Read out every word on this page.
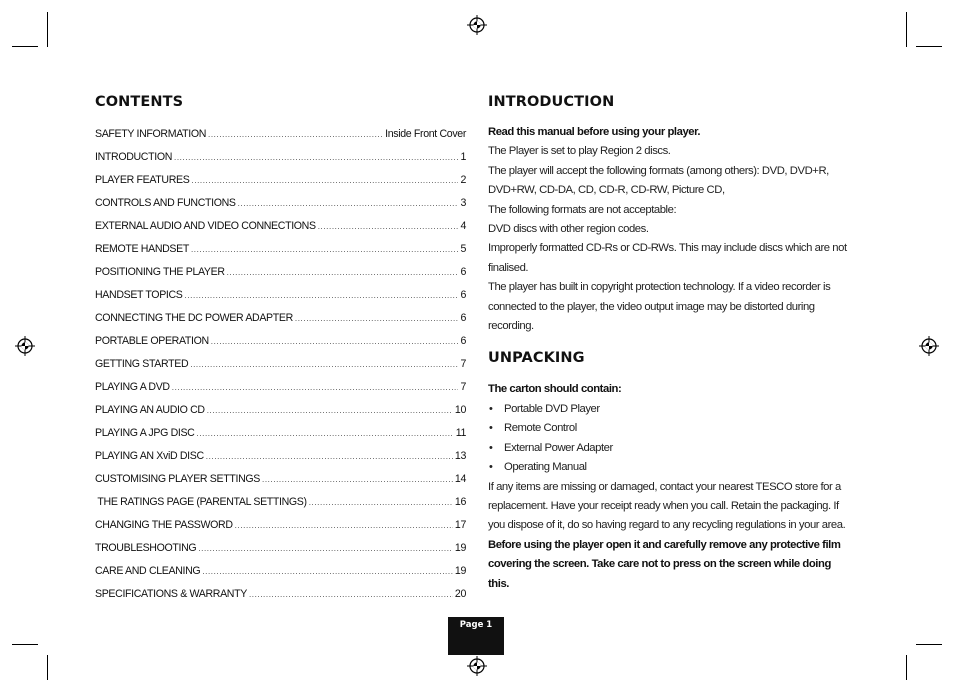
CONTENTS
SAFETY INFORMATION .....	Inside Front Cover
INTRODUCTION .....	1
PLAYER FEATURES .....	2
CONTROLS AND FUNCTIONS .....	3
EXTERNAL AUDIO AND VIDEO CONNECTIONS .....	4
REMOTE HANDSET .....	5
POSITIONING THE PLAYER .....	6
HANDSET TOPICS .....	6
CONNECTING THE DC POWER ADAPTER .....	6
PORTABLE OPERATION .....	6
GETTING STARTED .....	7
PLAYING A DVD .....	7
PLAYING AN AUDIO CD .....	10
PLAYING A JPG DISC .....	11
PLAYING AN XviD DISC .....	13
CUSTOMISING PLAYER SETTINGS .....	14
THE RATINGS PAGE (PARENTAL SETTINGS) .....	16
CHANGING THE PASSWORD .....	17
TROUBLESHOOTING .....	19
CARE AND CLEANING .....	19
SPECIFICATIONS & WARRANTY .....	20
INTRODUCTION

Read this manual before using your player.

The Player is set to play Region 2 discs.

The player will accept the following formats (among others): DVD, DVD+R, DVD+RW, CD-DA, CD, CD-R, CD-RW, Picture CD,

The following formats are not acceptable:

DVD discs with other region codes.

Improperly formatted CD-Rs or CD-RWs. This may include discs which are not finalised.

The player has built in copyright protection technology. If a video recorder is connected to the player, the video output image may be distorted during recording.

UNPACKING

The carton should contain:

• Portable DVD Player
• Remote Control
• External Power Adapter
• Operating Manual

If any items are missing or damaged, contact your nearest TESCO store for a replacement. Have your receipt ready when you call. Retain the packaging. If you dispose of it, do so having regard to any recycling regulations in your area.

Before using the player open it and carefully remove any protective film covering the screen. Take care not to press on the screen while doing this.

Page 1
